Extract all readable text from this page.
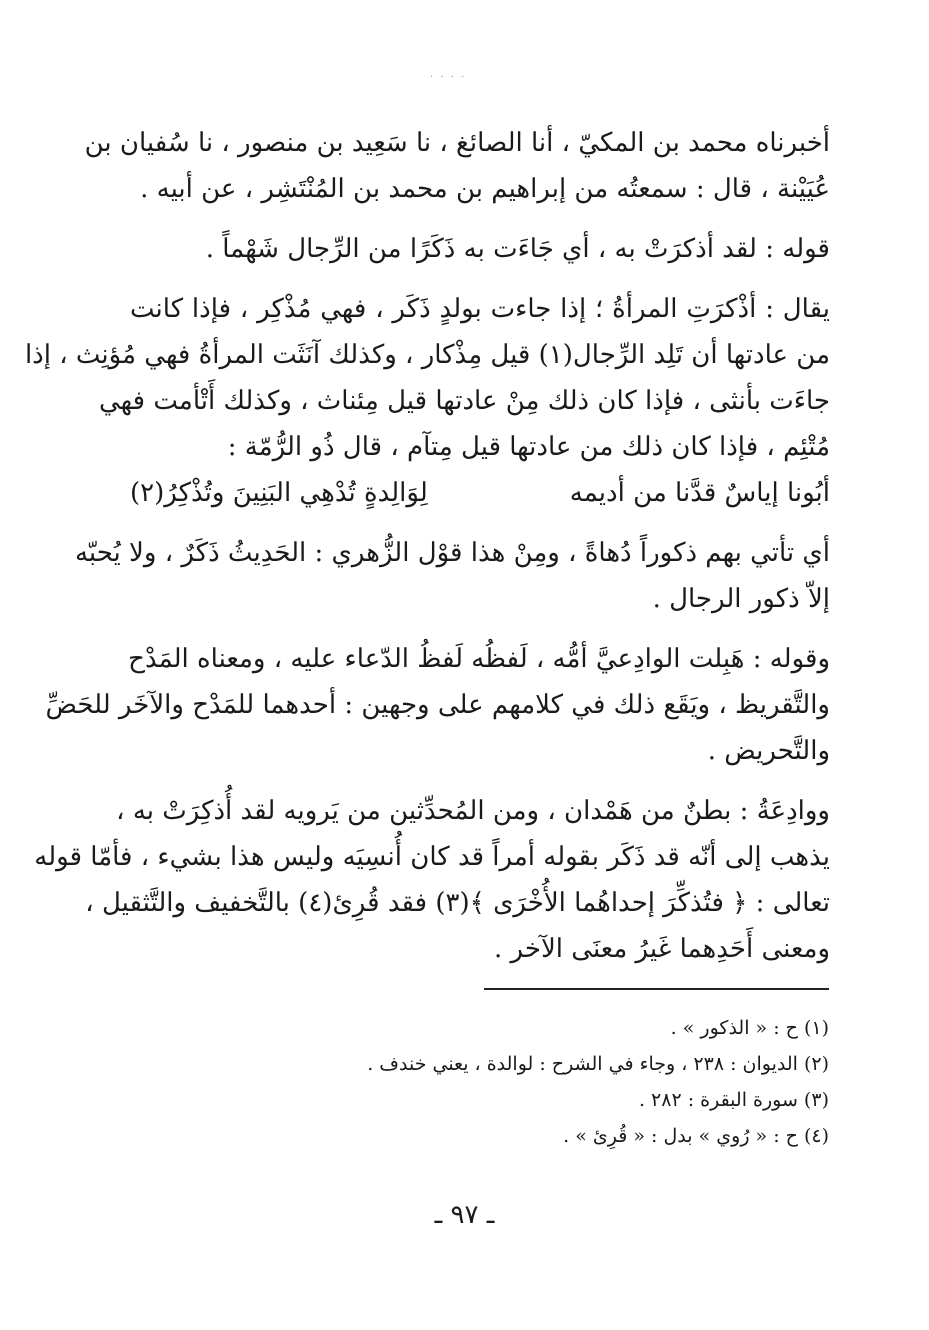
· · · ·

أخبرناه محمد بن المكيّ ، أنا الصائغ ، نا سَعِيد بن منصور ، نا سُفيان بن
عُيَيْنة ، قال : سمعتُه من إبراهيم بن محمد بن المُنْتَشِر ، عن أبيه .

قوله : لقد أذكرَتْ به ، أي جَاءَت به ذَكَرًا من الرِّجال شَهْماً .

يقال : أذْكرَتِ المرأةُ ؛ إذا جاءت بولدٍ ذَكَر ، فهي مُذْكِر ، فإذا كانت
من عادتها أن تَلِد الرِّجال(١) قيل مِذْكار ، وكذلك آنَثَت المرأةُ فهي مُؤنِث ، إذا
جاءَت بأنثى ، فإذا كان ذلك مِنْ عادتها قيل مِئناث ، وكذلك أَتْأمت فهي
مُتْئِم ، فإذا كان ذلك من عادتها قيل مِتآم ، قال ذُو الرُّمّة :

أبُونا إياسٌ قدَّنا من أديمه
لِوَالِدةٍ تُدْهِي البَنِينَ وتُذْكِرُ(٢)

أي تأتي بهم ذكوراً دُهاةً ، ومِنْ هذا قوْل الزُّهري : الحَدِيثُ ذَكَرٌ ، ولا يُحبّه
إلاّ ذكور الرجال .

وقوله : هَبِلت الوادِعيَّ أمُّه ، لَفظُه لَفظُ الدّعاء عليه ، ومعناه المَدْح
والتَّقريظ ، ويَقَع ذلك في كلامهم على وجهين : أحدهما للمَدْح والآخَر للحَضِّ
والتَّحريض .

ووادِعَةُ : بطنٌ من هَمْدان ، ومن المُحدِّثين من يَرويه لقد أُذكِرَتْ به ،
يذهب إلى أنّه قد ذَكَر بقوله أمراً قد كان أُنسِيَه وليس هذا بشيء ، فأمّا قوله
تعالى : ﴿ فتُذكِّرَ إحداهُما الأُخْرَى ﴾(٣) فقد قُرِئ(٤) بالتَّخفيف والتَّثقيل ،
ومعنى أَحَدِهما غَيرُ معنَى الآخر .

(١) ح : « الذكور » .
(٢) الديوان : ٢٣٨ ، وجاء في الشرح : لوالدة ، يعني خندف .
(٣) سورة البقرة : ٢٨٢ .
(٤) ح : « رُوي » بدل : « قُرِئ » .
ـ ٩٧ ـ
